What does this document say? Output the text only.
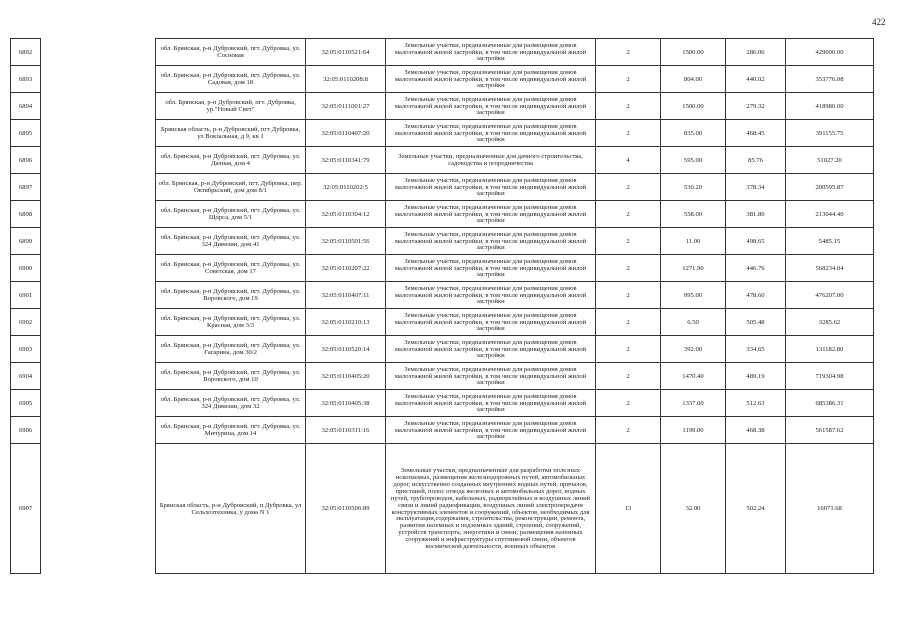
422
6892		обл. Брянская, р-н Дубровский, пгт. Дубровка, ул. Сосновая	32:05:0110521:64	Земельные участки, предназначенные для размещения домов малоэтажной жилой застройки, в том числе индивидуальной жилой застройки	2	1500.00	286.06	429090.00
6893		обл. Брянская, р-н Дубровский, пгт. Дубровка, ул. Садовая, дом 18	32:05:0110208:8	Земельные участки, предназначенные для размещения домов малоэтажной жилой застройки, в том числе индивидуальной жилой застройки	2	804.00	440.02	353776.08
6894		обл. Брянская, р-н Дубровский, пгт. Дубровка, ур."Новый Свет"	32:05:0111001:27	Земельные участки, предназначенные для размещения домов малоэтажной жилой застройки, в том числе индивидуальной жилой застройки	2	1500.00	279.32	418980.00
6895		Брянская область, р-н Дубровский, пгт Дубровка, ул Вокзальная, д 9, кв 1	32:05:0110407:20	Земельные участки, предназначенные для размещения домов малоэтажной жилой застройки, в том числе индивидуальной жилой застройки	2	835.00	468.45	391155.75
6896		обл. Брянская, р-н Дубровский, пгт. Дубровка, ул. Дачная, дом 4	32:05:0110341:79	Земельные участки, предназначенные для дачного строительства, садоводства и огородничества	4	595.00	85.76	51027.20
6897		обл. Брянская, р-н Дубровский, пгт. Дубровка, пер. Октябрьский, дом дом 8/1	32:05:0110202:5	Земельные участки, предназначенные для размещения домов малоэтажной жилой застройки, в том числе индивидуальной жилой застройки	2	530.20	378.34	200595.87
6898		обл. Брянская, р-н Дубровский, пгт. Дубровка, ул. Щорса, дом 5/1	32:05:0110304:12	Земельные участки, предназначенные для размещения домов малоэтажной жилой застройки, в том числе индивидуальной жилой застройки	2	558.00	381.80	213044.40
6899		обл. Брянская, р-н Дубровский, пгт. Дубровка, ул. 324 Дивизии, дом 41	32:05:0110501:56	Земельные участки, предназначенные для размещения домов малоэтажной жилой застройки, в том числе индивидуальной жилой застройки	2	11.00	498.65	5485.15
6900		обл. Брянская, р-н Дубровский, пгт. Дубровка, ул. Советская, дом 17	32:05:0110207:22	Земельные участки, предназначенные для размещения домов малоэтажной жилой застройки, в том числе индивидуальной жилой застройки	2	1271.90	446.76	568234.04
6901		обл. Брянская, р-н Дубровский, пгт. Дубровка, ул. Воровского, дом 19	32:05:0110407:11	Земельные участки, предназначенные для размещения домов малоэтажной жилой застройки, в том числе индивидуальной жилой застройки	2	995.00	478.60	476207.00
6902		обл. Брянская, р-н Дубровский, пгт. Дубровка, ул. Красная, дом 3/3	32:05:0110210:13	Земельные участки, предназначенные для размещения домов малоэтажной жилой застройки, в том числе индивидуальной жилой застройки	2	6.50	505.48	3285.62
6903		обл. Брянская, р-н Дубровский, пгт. Дубровка, ул. Гагарина, дом 30/2	32:05:0110520:14	Земельные участки, предназначенные для размещения домов малоэтажной жилой застройки, в том числе индивидуальной жилой застройки	2	392.00	334.65	131182.80
6904		обл. Брянская, р-н Дубровский, пгт. Дубровка, ул. Воровского, дом 10	32:05:0110405:20	Земельные участки, предназначенные для размещения домов малоэтажной жилой застройки, в том числе индивидуальной жилой застройки	2	1470.40	489.19	719304.98
6905		обл. Брянская, р-н Дубровский, пгт. Дубровка, ул. 324 Дивизии, дом 32	32:05:0110405:38	Земельные участки, предназначенные для размещения домов малоэтажной жилой застройки, в том числе индивидуальной жилой застройки	2	1337.00	512.63	685386.31
6906		обл. Брянская, р-н Дубровский, пгт. Дубровка, ул. Мичурина, дом 14	32:05:0110311:16	Земельные участки, предназначенные для размещения домов малоэтажной жилой застройки, в том числе индивидуальной жилой застройки	2	1199.00	468.38	561587.62
6907		Брянская область, р-н Дубровский, п Дубровка, ул Сельхозтехника, у дома N 1	32:05:0110506:89	Земельные участки, предназначенные для разработки полезных ископаемых, размещения железнодорожных путей, автомобильных дорог, искусственно созданных внутренних водных путей, причалов, пристаней, полос отвода железных и автомобильных дорог, водных путей, трубопроводов, кабельных, радиорелейных и воздушных линий связи и линий радиофикации, воздушных линий электропередачи конструктивных элементов и сооружений, объектов, необходимых для эксплуатации,содержания, строительства, реконструкции, ремонта, развития наземных и подземных зданий, строений, сооружений, устройств транспорта, энергетики и связи; размещения наземных сооружений и инфраструктуры спутниковой связи, объектов космической деятельности, военных объектов	13	32.00	502.24	16071.68
